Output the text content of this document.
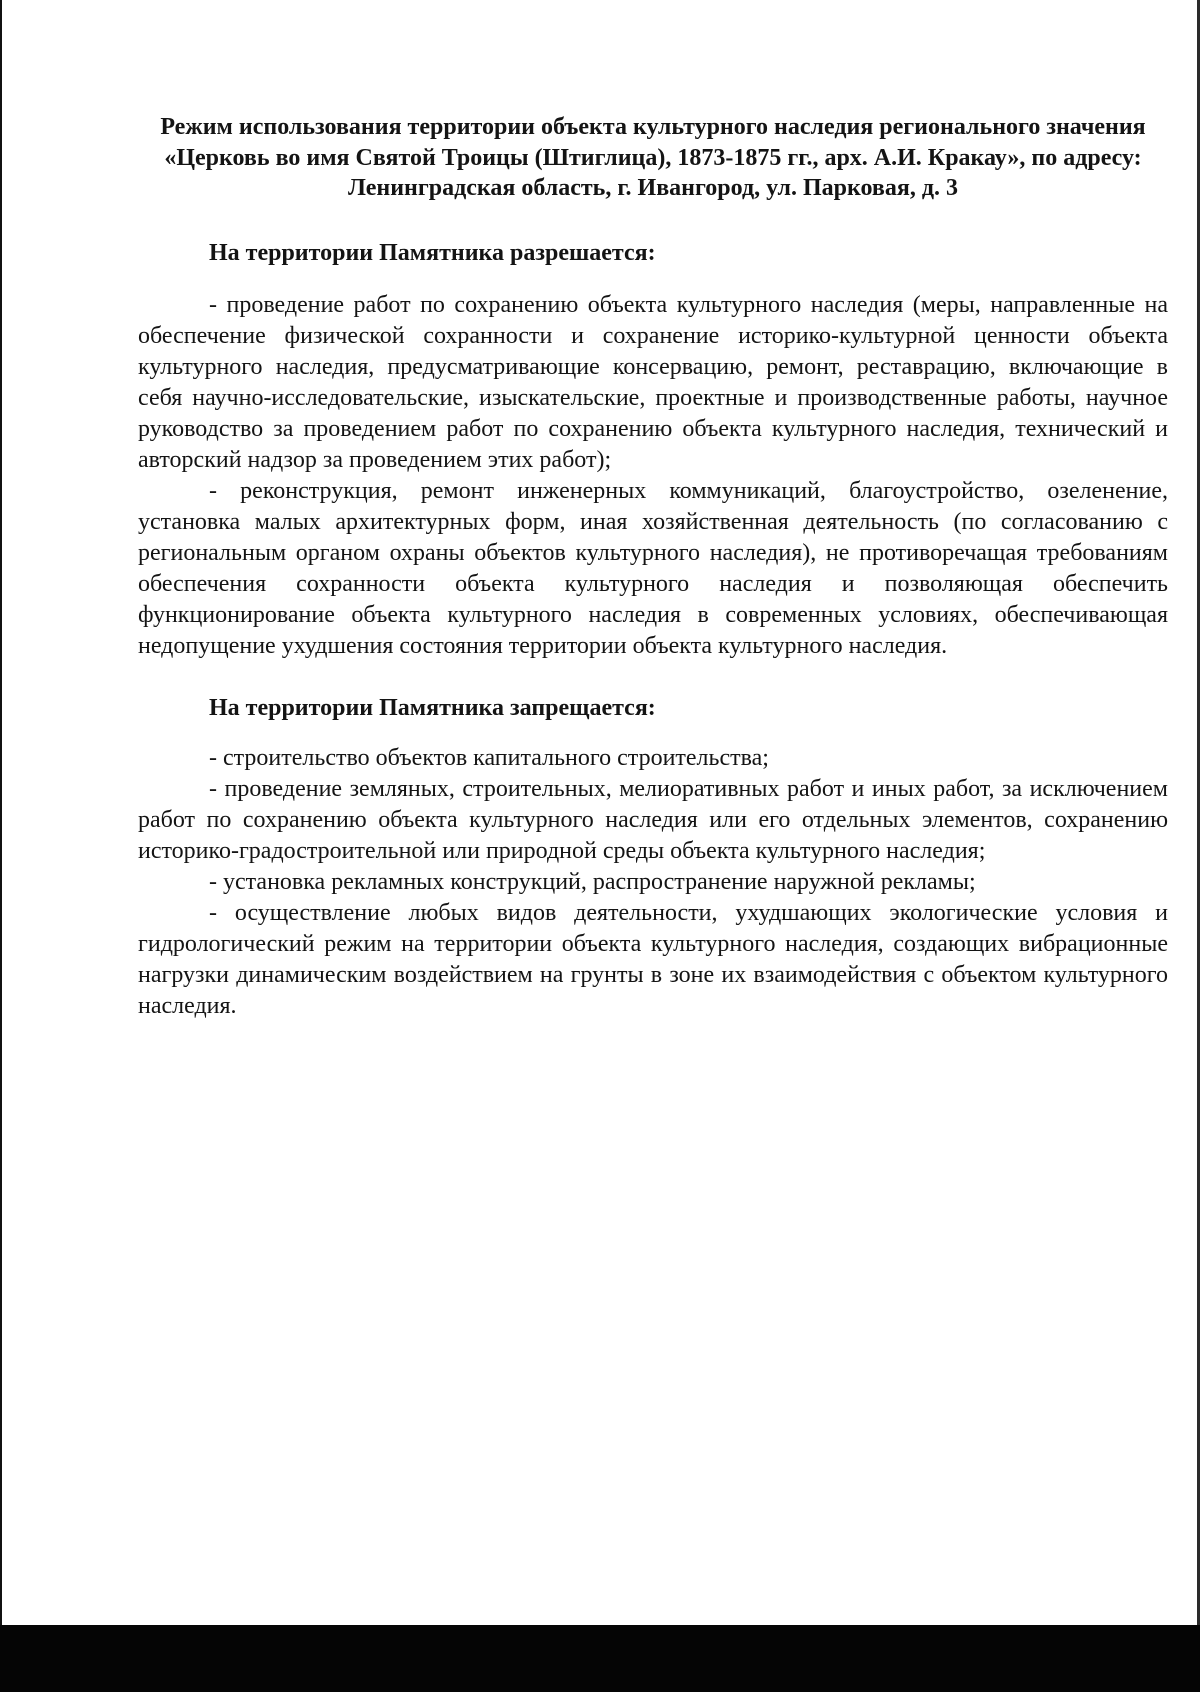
Режим использования территории объекта культурного наследия регионального значения «Церковь во имя Святой Троицы (Штиглица), 1873-1875 гг., арх. А.И. Кракау», по адресу: Ленинградская область, г. Ивангород, ул. Парковая, д. 3
На территории Памятника разрешается:
- проведение работ по сохранению объекта культурного наследия (меры, направленные на обеспечение физической сохранности и сохранение историко-культурной ценности объекта культурного наследия, предусматривающие консервацию, ремонт, реставрацию, включающие в себя научно-исследовательские, изыскательские, проектные и производственные работы, научное руководство за проведением работ по сохранению объекта культурного наследия, технический и авторский надзор за проведением этих работ);
- реконструкция, ремонт инженерных коммуникаций, благоустройство, озеленение, установка малых архитектурных форм, иная хозяйственная деятельность (по согласованию с региональным органом охраны объектов культурного наследия), не противоречащая требованиям обеспечения сохранности объекта культурного наследия и позволяющая обеспечить функционирование объекта культурного наследия в современных условиях, обеспечивающая недопущение ухудшения состояния территории объекта культурного наследия.
На территории Памятника запрещается:
- строительство объектов капитального строительства;
- проведение земляных, строительных, мелиоративных работ и иных работ, за исключением работ по сохранению объекта культурного наследия или его отдельных элементов, сохранению историко-градостроительной или природной среды объекта культурного наследия;
- установка рекламных конструкций, распространение наружной рекламы;
- осуществление любых видов деятельности, ухудшающих экологические условия и гидрологический режим на территории объекта культурного наследия, создающих вибрационные нагрузки динамическим воздействием на грунты в зоне их взаимодействия с объектом культурного наследия.
